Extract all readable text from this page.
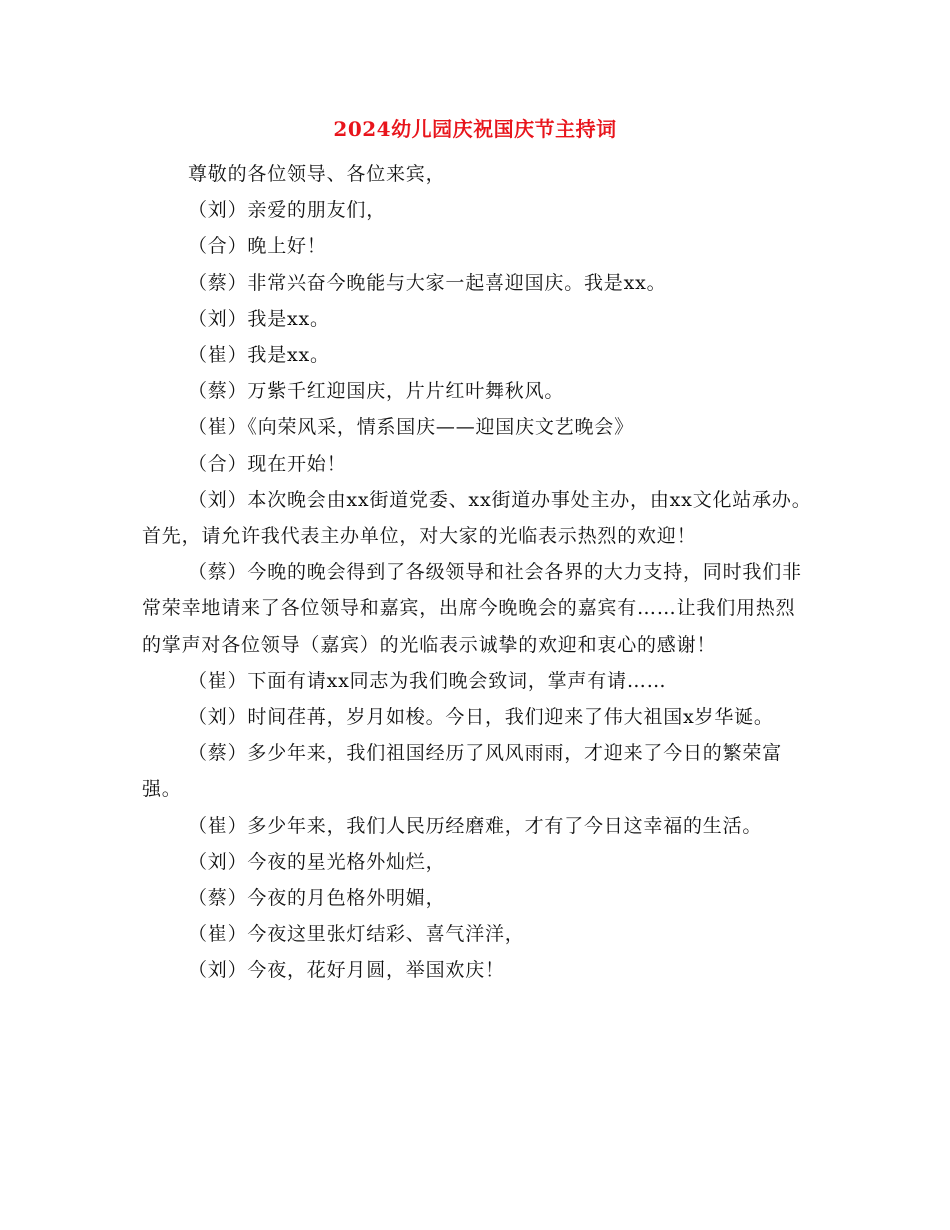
2024幼儿园庆祝国庆节主持词

尊敬的各位领导、各位来宾，

（刘）亲爱的朋友们，

（合）晚上好！

（蔡）非常兴奋今晚能与大家一起喜迎国庆。我是xx。

（刘）我是xx。

（崔）我是xx。

（蔡）万紫千红迎国庆，片片红叶舞秋风。

（崔）《向荣风采，情系国庆——迎国庆文艺晚会》

（合）现在开始！

（刘）本次晚会由xx街道党委、xx街道办事处主办，由xx文化站承办。首先，请允许我代表主办单位，对大家的光临表示热烈的欢迎！

（蔡）今晚的晚会得到了各级领导和社会各界的大力支持，同时我们非常荣幸地请来了各位领导和嘉宾，出席今晚晚会的嘉宾有……让我们用热烈的掌声对各位领导（嘉宾）的光临表示诚挚的欢迎和衷心的感谢！

（崔）下面有请xx同志为我们晚会致词，掌声有请……

（刘）时间荏苒，岁月如梭。今日，我们迎来了伟大祖国x岁华诞。

（蔡）多少年来，我们祖国经历了风风雨雨，才迎来了今日的繁荣富强。

（崔）多少年来，我们人民历经磨难，才有了今日这幸福的生活。

（刘）今夜的星光格外灿烂，

（蔡）今夜的月色格外明媚，

（崔）今夜这里张灯结彩、喜气洋洋，

（刘）今夜，花好月圆，举国欢庆！
